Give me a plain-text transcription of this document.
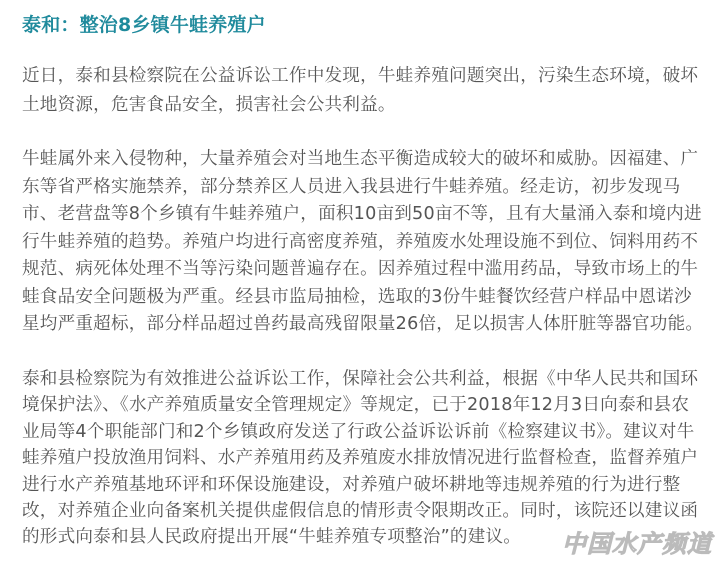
泰和：整治8乡镇牛蛙养殖户
近日，泰和县检察院在公益诉讼工作中发现，牛蛙养殖问题突出，污染生态环境，破坏
土地资源，危害食品安全，损害社会公共利益。
牛蛙属外来入侵物种，大量养殖会对当地生态平衡造成较大的破坏和威胁。因福建、广
东等省严格实施禁养，部分禁养区人员进入我县进行牛蛙养殖。经走访，初步发现马
市、老营盘等8个乡镇有牛蛙养殖户，面积10亩到50亩不等，且有大量涌入泰和境内进
行牛蛙养殖的趋势。养殖户均进行高密度养殖，养殖废水处理设施不到位、饲料用药不
规范、病死体处理不当等污染问题普遍存在。因养殖过程中滥用药品，导致市场上的牛
蛙食品安全问题极为严重。经县市监局抽检，选取的3份牛蛙餐饮经营户样品中恩诺沙
星均严重超标，部分样品超过兽药最高残留限量26倍，足以损害人体肝脏等器官功能。
泰和县检察院为有效推进公益诉讼工作，保障社会公共利益，根据《中华人民共和国环
境保护法》、《水产养殖质量安全管理规定》等规定，已于2018年12月3日向泰和县农
业局等4个职能部门和2个乡镇政府发送了行政公益诉讼诉前《检察建议书》。建议对牛
蛙养殖户投放渔用饲料、水产养殖用药及养殖废水排放情况进行监督检查，监督养殖户
进行水产养殖基地环评和环保设施建设，对养殖户破坏耕地等违规养殖的行为进行整
改，对养殖企业向备案机关提供虚假信息的情形责令限期改正。同时，该院还以建议函
的形式向泰和县人民政府提出开展“牛蛙养殖专项整治”的建议。	中国水产频道
